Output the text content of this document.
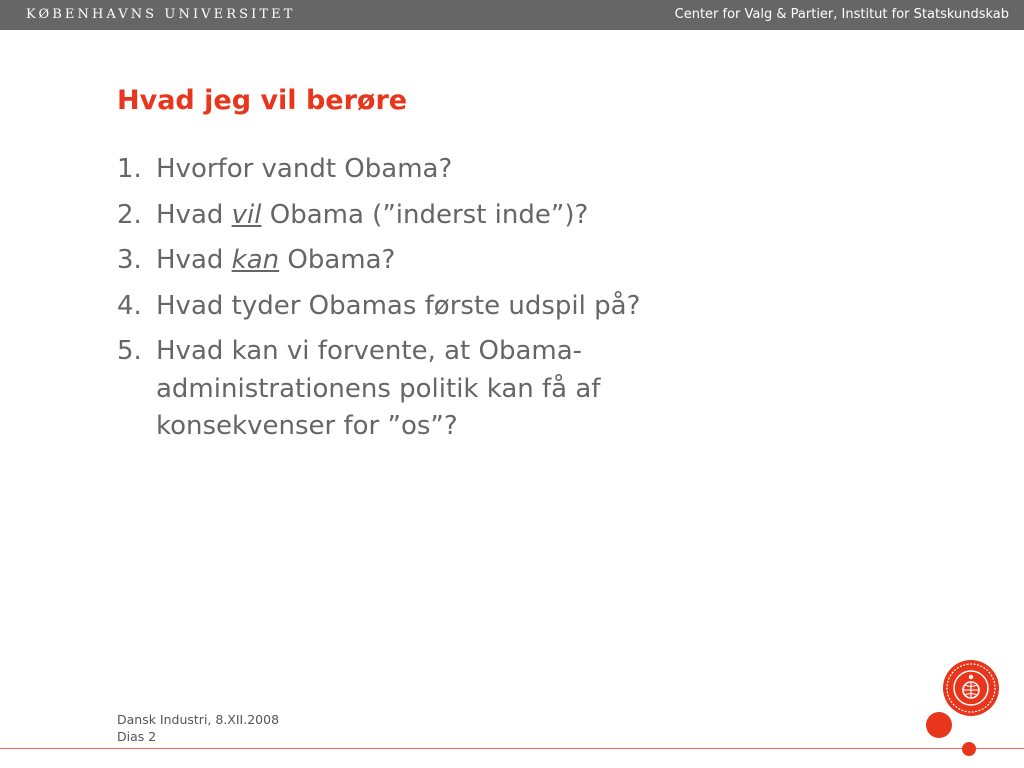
KØBENHAVNS UNIVERSITET	Center for Valg & Partier, Institut for Statskundskab
Hvad jeg vil berøre
1. Hvorfor vandt Obama?
2. Hvad vil Obama (”inderst inde”)?
3. Hvad kan Obama?
4. Hvad tyder Obamas første udspil på?
5. Hvad kan vi forvente, at Obama-administrationens politik kan få af konsekvenser for ”os”?
Dansk Industri, 8.XII.2008
Dias 2
